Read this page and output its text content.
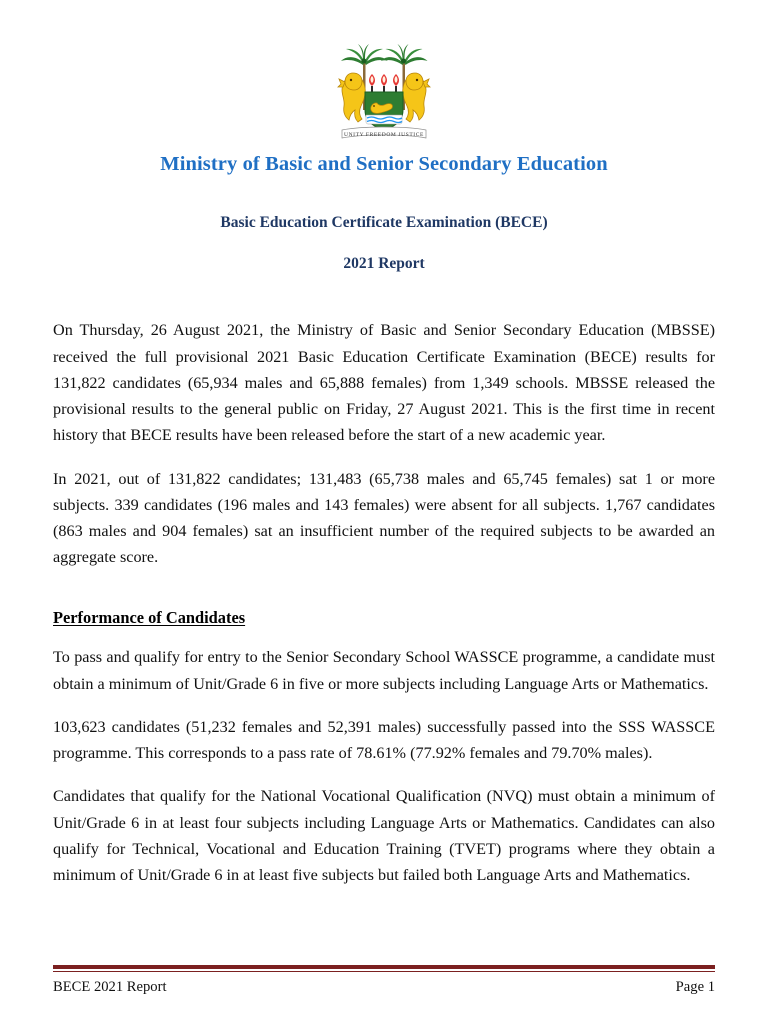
UNITY FREEDOM JUSTICE
Ministry of Basic and Senior Secondary Education
Basic Education Certificate Examination (BECE)
2021 Report

On Thursday, 26 August 2021, the Ministry of Basic and Senior Secondary Education (MBSSE) received the full provisional 2021 Basic Education Certificate Examination (BECE) results for 131,822 candidates (65,934 males and 65,888 females) from 1,349 schools. MBSSE released the provisional results to the general public on Friday, 27 August 2021. This is the first time in recent history that BECE results have been released before the start of a new academic year.

In 2021, out of 131,822 candidates; 131,483 (65,738 males and 65,745 females) sat 1 or more subjects. 339 candidates (196 males and 143 females) were absent for all subjects. 1,767 candidates (863 males and 904 females) sat an insufficient number of the required subjects to be awarded an aggregate score.

Performance of Candidates

To pass and qualify for entry to the Senior Secondary School WASSCE programme, a candidate must obtain a minimum of Unit/Grade 6 in five or more subjects including Language Arts or Mathematics.

103,623 candidates (51,232 females and 52,391 males) successfully passed into the SSS WASSCE programme. This corresponds to a pass rate of 78.61% (77.92% females and 79.70% males).

Candidates that qualify for the National Vocational Qualification (NVQ) must obtain a minimum of Unit/Grade 6 in at least four subjects including Language Arts or Mathematics. Candidates can also qualify for Technical, Vocational and Education Training (TVET) programs where they obtain a minimum of Unit/Grade 6 in at least five subjects but failed both Language Arts and Mathematics.

BECE 2021 Report	Page 1
